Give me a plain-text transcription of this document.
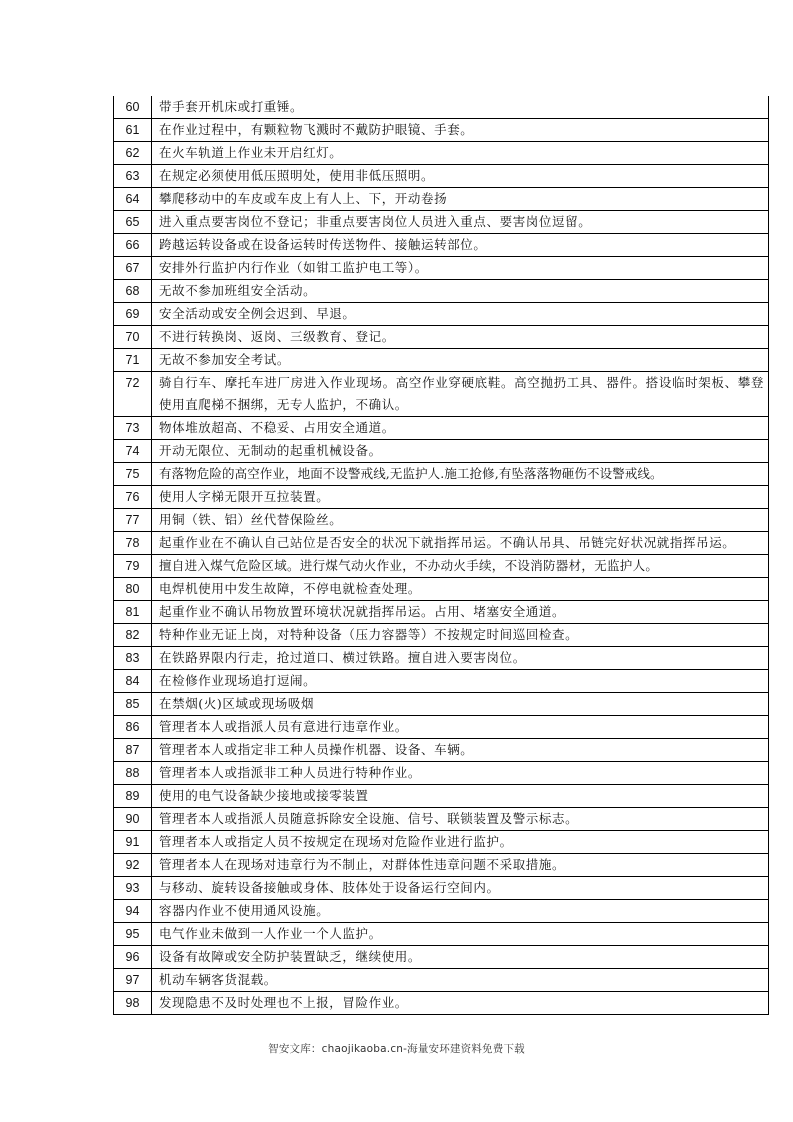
60	带手套开机床或打重锤。
61	在作业过程中，有颗粒物飞溅时不戴防护眼镜、手套。
62	在火车轨道上作业未开启红灯。
63	在规定必须使用低压照明处，使用非低压照明。
64	攀爬移动中的车皮或车皮上有人上、下，开动卷扬
65	进入重点要害岗位不登记；非重点要害岗位人员进入重点、要害岗位逗留。
66	跨越运转设备或在设备运转时传送物件、接触运转部位。
67	安排外行监护内行作业（如钳工监护电工等）。
68	无故不参加班组安全活动。
69	安全活动或安全例会迟到、早退。
70	不进行转换岗、返岗、三级教育、登记。
71	无故不参加安全考试。
72	骑自行车、摩托车进厂房进入作业现场。高空作业穿硬底鞋。高空抛扔工具、器件。搭设临时架板、攀登使用直爬梯不捆绑，无专人监护，不确认。
73	物体堆放超高、不稳妥、占用安全通道。
74	开动无限位、无制动的起重机械设备。
75	有落物危险的高空作业，地面不设警戒线,无监护人.施工抢修,有坠落落物砸伤不设警戒线。
76	使用人字梯无限开互拉装置。
77	用铜（铁、铝）丝代替保险丝。
78	起重作业在不确认自己站位是否安全的状况下就指挥吊运。不确认吊具、吊链完好状况就指挥吊运。
79	擅自进入煤气危险区域。进行煤气动火作业，不办动火手续，不设消防器材，无监护人。
80	电焊机使用中发生故障，不停电就检查处理。
81	起重作业不确认吊物放置环境状况就指挥吊运。占用、堵塞安全通道。
82	特种作业无证上岗，对特种设备（压力容器等）不按规定时间巡回检查。
83	在铁路界限内行走，抢过道口、横过铁路。擅自进入要害岗位。
84	在检修作业现场追打逗闹。
85	在禁烟(火)区域或现场吸烟
86	管理者本人或指派人员有意进行违章作业。
87	管理者本人或指定非工种人员操作机器、设备、车辆。
88	管理者本人或指派非工种人员进行特种作业。
89	使用的电气设备缺少接地或接零装置
90	管理者本人或指派人员随意拆除安全设施、信号、联锁装置及警示标志。
91	管理者本人或指定人员不按规定在现场对危险作业进行监护。
92	管理者本人在现场对违章行为不制止，对群体性违章问题不采取措施。
93	与移动、旋转设备接触或身体、肢体处于设备运行空间内。
94	容器内作业不使用通风设施。
95	电气作业未做到一人作业一个人监护。
96	设备有故障或安全防护装置缺乏，继续使用。
97	机动车辆客货混载。
98	发现隐患不及时处理也不上报，冒险作业。
智安文库：chaojikaoba.cn-海量安环建资料免费下载
